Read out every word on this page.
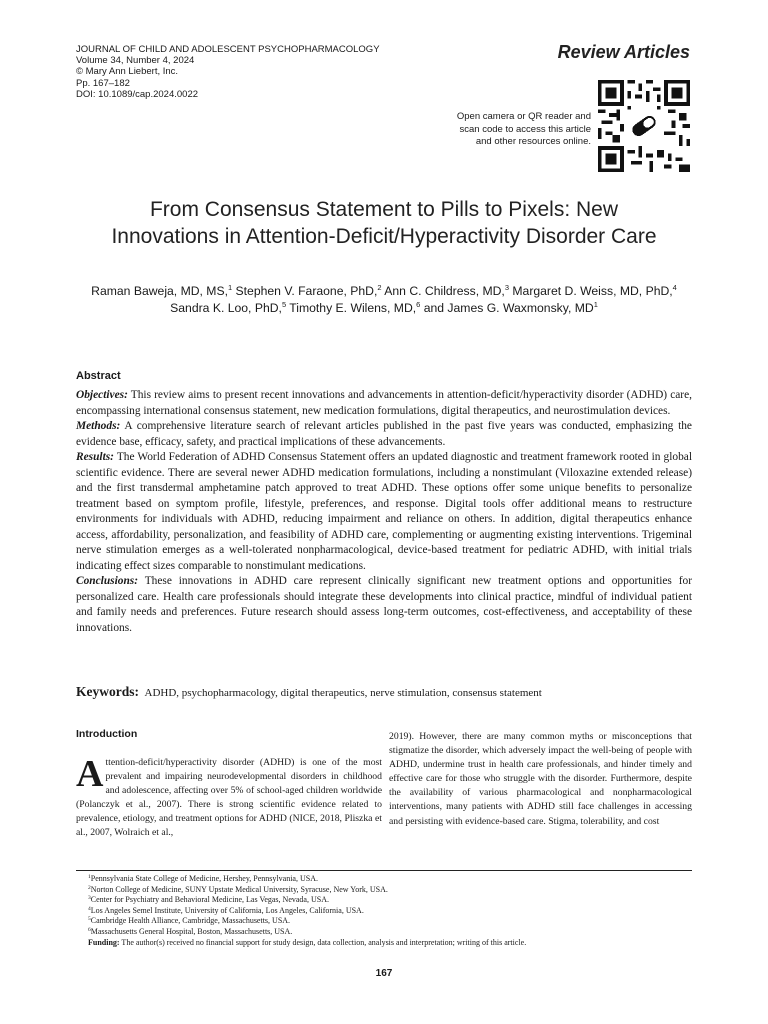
JOURNAL OF CHILD AND ADOLESCENT PSYCHOPHARMACOLOGY
Volume 34, Number 4, 2024
© Mary Ann Liebert, Inc.
Pp. 167–182
DOI: 10.1089/cap.2024.0022
Review Articles
Open camera or QR reader and
scan code to access this article
and other resources online.
From Consensus Statement to Pills to Pixels: New
Innovations in Attention-Deficit/Hyperactivity Disorder Care
Raman Baweja, MD, MS,$^1$ Stephen V. Faraone, PhD,$^2$ Ann C. Childress, MD,$^3$ Margaret D. Weiss, MD, PhD,$^4$
Sandra K. Loo, PhD,$^5$ Timothy E. Wilens, MD,$^6$ and James G. Waxmonsky, $MD^1$
Abstract

Objectives: This review aims to present recent innovations and advancements in attention-deficit/hyperactivity disorder (ADHD) care, encompassing international consensus statement, new medication formulations, digital therapeutics, and neurostimulation devices.

Methods: A comprehensive literature search of relevant articles published in the past five years was conducted, emphasizing the evidence base, efficacy, safety, and practical implications of these advancements.

Results: The World Federation of ADHD Consensus Statement offers an updated diagnostic and treatment framework rooted in global scientific evidence. There are several newer ADHD medication formulations, including a nonstimulant (Viloxazine extended release) and the first transdermal amphetamine patch approved to treat ADHD. These options offer some unique benefits to personalize treatment based on symptom profile, lifestyle, preferences, and response. Digital tools offer additional means to restructure environments for individuals with ADHD, reducing impairment and reliance on others. In addition, digital therapeutics enhance access, affordability, personalization, and feasibility of ADHD care, complementing or augmenting existing interventions. Trigeminal nerve stimulation emerges as a well-tolerated nonpharmacological, device-based treatment for pediatric ADHD, with initial trials indicating effect sizes comparable to nonstimulant medications.

Conclusions: These innovations in ADHD care represent clinically significant new treatment options and opportunities for personalized care. Health care professionals should integrate these developments into clinical practice, mindful of individual patient and family needs and preferences. Future research should assess long-term outcomes, cost-effectiveness, and acceptability of these innovations.

Keywords: ADHD, psychopharmacology, digital therapeutics, nerve stimulation, consensus statement
Introduction
Attention-deficit/hyperactivity disorder (ADHD) is one of the most prevalent and impairing neurodevelopmental disorders in childhood and adolescence, affecting over 5% of school-aged children worldwide (Polanczyk et al., 2007). There is strong scientific evidence related to prevalence, etiology, and treatment options for ADHD (NICE, 2018, Pliszka et al., 2007, Wolraich et al.,
2019). However, there are many common myths or misconceptions that stigmatize the disorder, which adversely impact the well-being of people with ADHD, undermine trust in health care professionals, and hinder timely and effective care for those who struggle with the disorder. Furthermore, despite the availability of various pharmacological and nonpharmacological interventions, many patients with ADHD still face challenges in accessing and persisting with evidence-based care. Stigma, tolerability, and cost
$^1$Pennsylvania State College of Medicine, Hershey, Pennsylvania, USA.
$^2$Norton College of Medicine, SUNY Upstate Medical University, Syracuse, New York, USA.
$^3$Center for Psychiatry and Behavioral Medicine, Las Vegas, Nevada, USA.
$^4$Los Angeles Semel Institute, University of California, Los Angeles, California, USA.
$^5$Cambridge Health Alliance, Cambridge, Massachusetts, USA.
$^6$Massachusetts General Hospital, Boston, Massachusetts, USA.
Funding: The author(s) received no financial support for study design, data collection, analysis and interpretation; writing of this article.
167
